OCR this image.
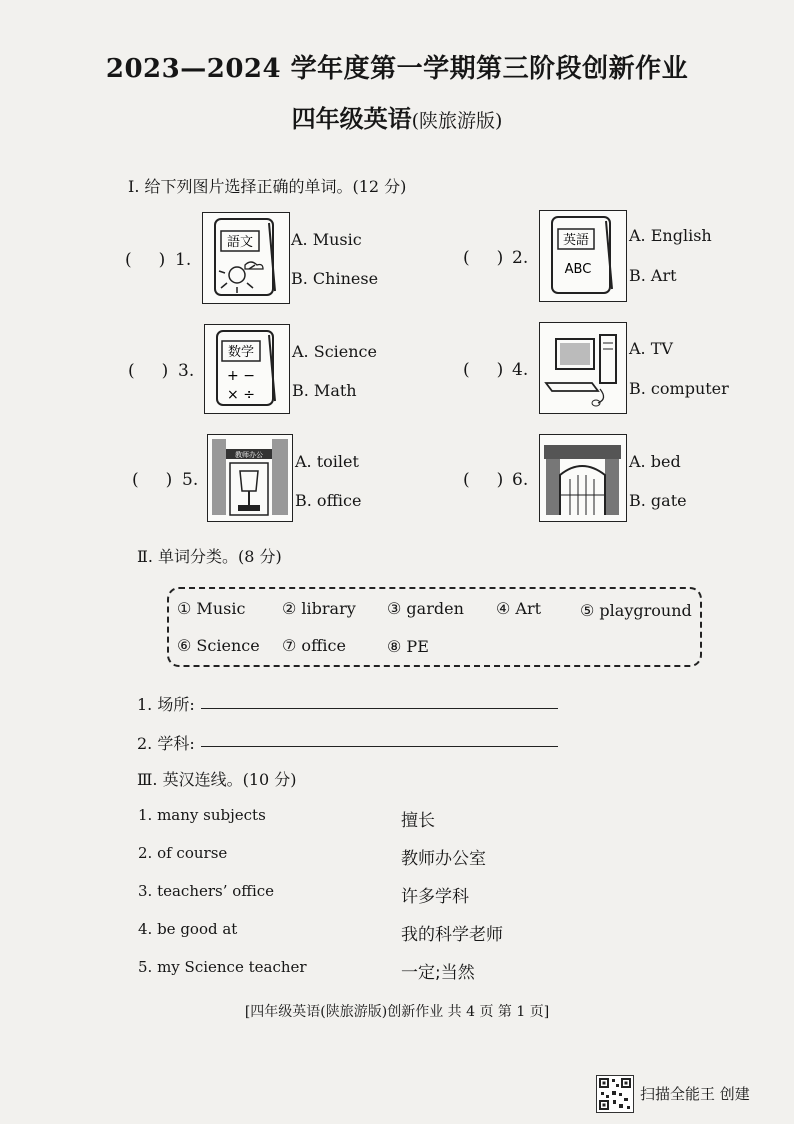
2023—2024 学年度第一学期第三阶段创新作业
四年级英语(陕旅游版)
Ⅰ. 给下列图片选择正确的单词。(12 分)
(     ) 1.
語文 A. Music
B. Chinese
(     ) 2.
英語
ABC
A. English
B. Art
(     ) 3.
数学
+ −
× ÷
A. Science
B. Math
(     ) 4.
A. TV
B. computer
(     ) 5.
教师办公 A. toilet
B. office
(     ) 6.
A. bed
B. gate
Ⅱ. 单词分类。(8 分)
① Music ② library ③ garden ④ Art ⑤ playground
⑥ Science ⑦ office	⑧ PE
1. 场所:
2. 学科:
Ⅲ. 英汉连线。(10 分)
1. many subjects
2. of course
3. teachers’ office
4. be good at
5. my Science teacher
擅长
教师办公室
许多学科
我的科学老师
一定;当然
[四年级英语(陕旅游版)创新作业 共 4 页 第 1 页]
扫描全能王 创建
